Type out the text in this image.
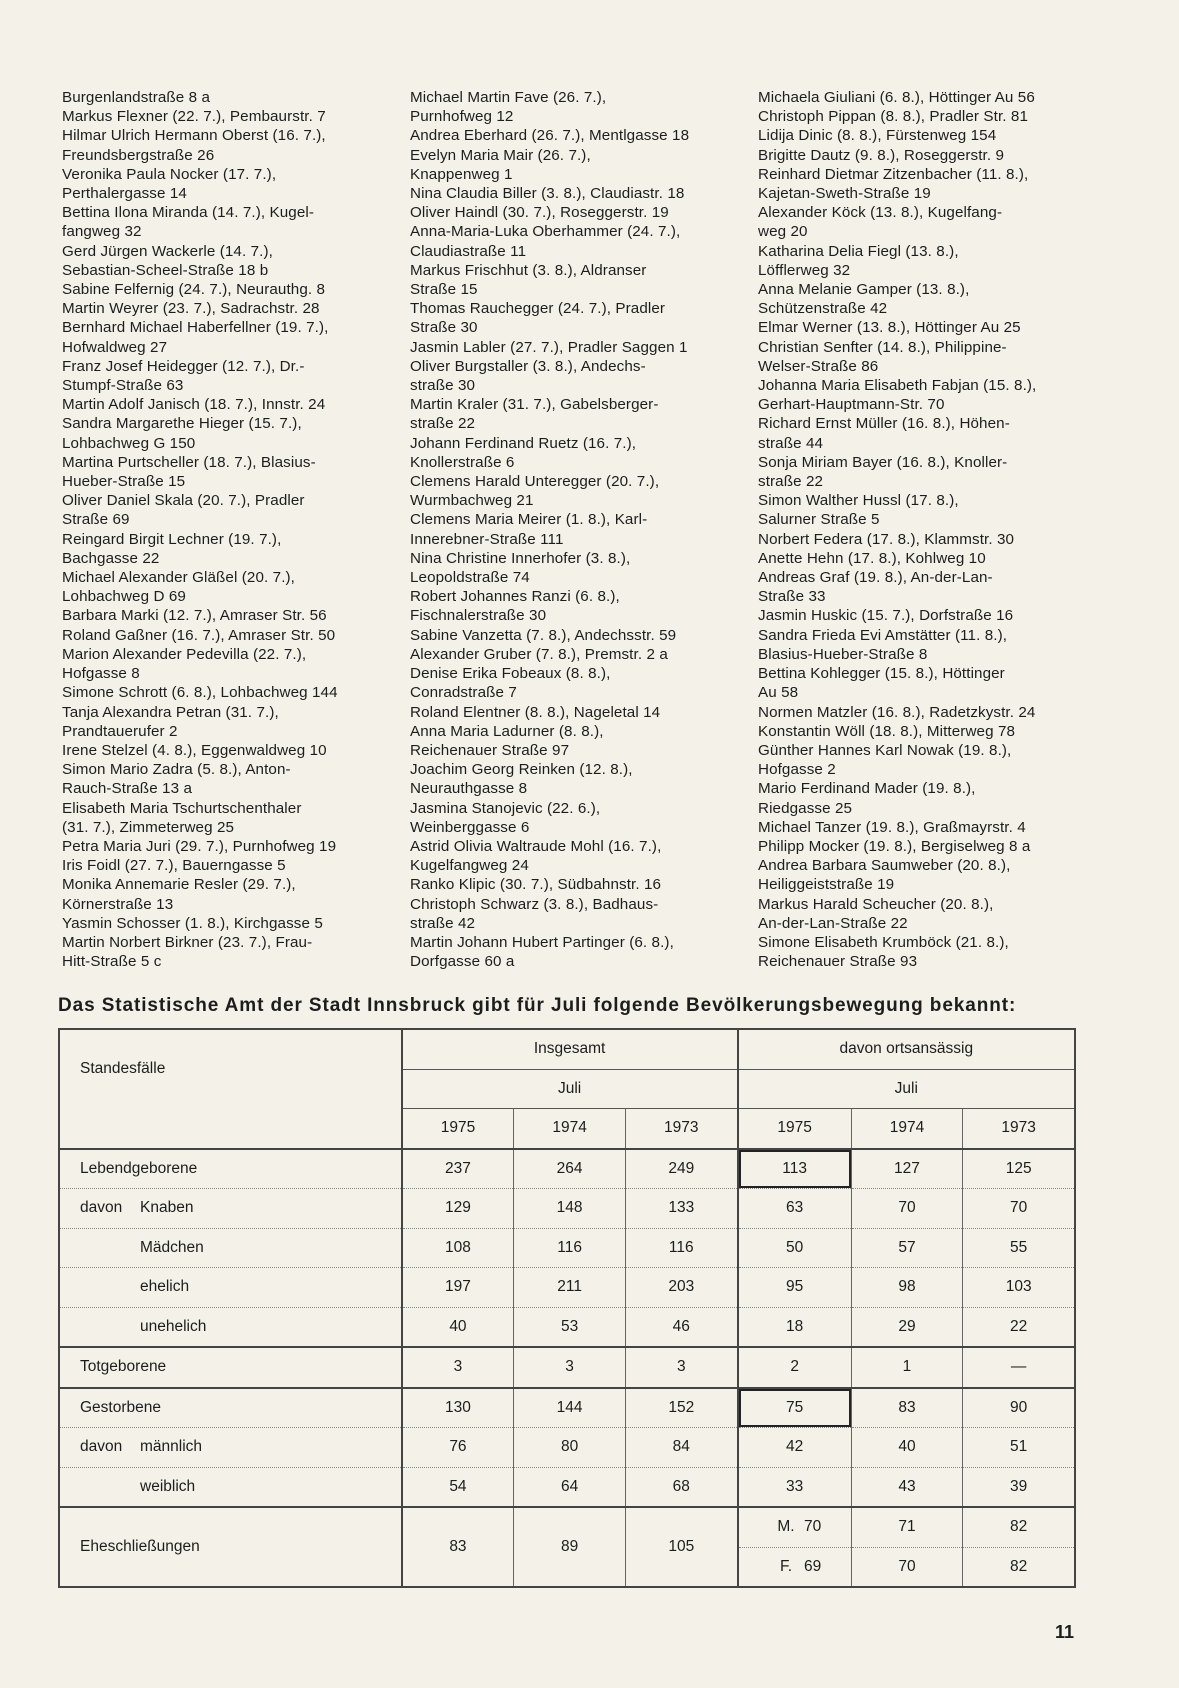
Burgenlandstraße 8 a
Markus Flexner (22. 7.), Pembaurstr. 7
Hilmar Ulrich Hermann Oberst (16. 7.),
Freundsbergstraße 26
Veronika Paula Nocker (17. 7.),
Perthalergasse 14
Bettina Ilona Miranda (14. 7.), Kugel-
fangweg 32
Gerd Jürgen Wackerle (14. 7.),
Sebastian-Scheel-Straße 18 b
Sabine Felfernig (24. 7.), Neurauthg. 8
Martin Weyrer (23. 7.), Sadrachstr. 28
Bernhard Michael Haberfellner (19. 7.),
Hofwaldweg 27
Franz Josef Heidegger (12. 7.), Dr.-
Stumpf-Straße 63
Martin Adolf Janisch (18. 7.), Innstr. 24
Sandra Margarethe Hieger (15. 7.),
Lohbachweg G 150
Martina Purtscheller (18. 7.), Blasius-
Hueber-Straße 15
Oliver Daniel Skala (20. 7.), Pradler
Straße 69
Reingard Birgit Lechner (19. 7.),
Bachgasse 22
Michael Alexander Gläßel (20. 7.),
Lohbachweg D 69
Barbara Marki (12. 7.), Amraser Str. 56
Roland Gaßner (16. 7.), Amraser Str. 50
Marion Alexander Pedevilla (22. 7.),
Hofgasse 8
Simone Schrott (6. 8.), Lohbachweg 144
Tanja Alexandra Petran (31. 7.),
Prandtauerufer 2
Irene Stelzel (4. 8.), Eggenwaldweg 10
Simon Mario Zadra (5. 8.), Anton-
Rauch-Straße 13 a
Elisabeth Maria Tschurtschenthaler
(31. 7.), Zimmeterweg 25
Petra Maria Juri (29. 7.), Purnhofweg 19
Iris Foidl (27. 7.), Bauerngasse 5
Monika Annemarie Resler (29. 7.),
Körnerstraße 13
Yasmin Schosser (1. 8.), Kirchgasse 5
Martin Norbert Birkner (23. 7.), Frau-
Hitt-Straße 5 c
Michael Martin Fave (26. 7.),
Purnhofweg 12
Andrea Eberhard (26. 7.), Mentlgasse 18
Evelyn Maria Mair (26. 7.),
Knappenweg 1
Nina Claudia Biller (3. 8.), Claudiastr. 18
Oliver Haindl (30. 7.), Roseggerstr. 19
Anna-Maria-Luka Oberhammer (24. 7.),
Claudiastraße 11
Markus Frischhut (3. 8.), Aldranser
Straße 15
Thomas Rauchegger (24. 7.), Pradler
Straße 30
Jasmin Labler (27. 7.), Pradler Saggen 1
Oliver Burgstaller (3. 8.), Andechs-
straße 30
Martin Kraler (31. 7.), Gabelsberger-
straße 22
Johann Ferdinand Ruetz (16. 7.),
Knollerstraße 6
Clemens Harald Unteregger (20. 7.),
Wurmbachweg 21
Clemens Maria Meirer (1. 8.), Karl-
Innerebner-Straße 111
Nina Christine Innerhofer (3. 8.),
Leopoldstraße 74
Robert Johannes Ranzi (6. 8.),
Fischnalerstraße 30
Sabine Vanzetta (7. 8.), Andechsstr. 59
Alexander Gruber (7. 8.), Premstr. 2 a
Denise Erika Fobeaux (8. 8.),
Conradstraße 7
Roland Elentner (8. 8.), Nageletal 14
Anna Maria Ladurner (8. 8.),
Reichenauer Straße 97
Joachim Georg Reinken (12. 8.),
Neurauthgasse 8
Jasmina Stanojevic (22. 6.),
Weinberggasse 6
Astrid Olivia Waltraude Mohl (16. 7.),
Kugelfangweg 24
Ranko Klipic (30. 7.), Südbahnstr. 16
Christoph Schwarz (3. 8.), Badhaus-
straße 42
Martin Johann Hubert Partinger (6. 8.),
Dorfgasse 60 a
Michaela Giuliani (6. 8.), Höttinger Au 56
Christoph Pippan (8. 8.), Pradler Str. 81
Lidija Dinic (8. 8.), Fürstenweg 154
Brigitte Dautz (9. 8.), Roseggerstr. 9
Reinhard Dietmar Zitzenbacher (11. 8.),
Kajetan-Sweth-Straße 19
Alexander Köck (13. 8.), Kugelfang-
weg 20
Katharina Delia Fiegl (13. 8.),
Löfflerweg 32
Anna Melanie Gamper (13. 8.),
Schützenstraße 42
Elmar Werner (13. 8.), Höttinger Au 25
Christian Senfter (14. 8.), Philippine-
Welser-Straße 86
Johanna Maria Elisabeth Fabjan (15. 8.),
Gerhart-Hauptmann-Str. 70
Richard Ernst Müller (16. 8.), Höhen-
straße 44
Sonja Miriam Bayer (16. 8.), Knoller-
straße 22
Simon Walther Hussl (17. 8.),
Salurner Straße 5
Norbert Federa (17. 8.), Klammstr. 30
Anette Hehn (17. 8.), Kohlweg 10
Andreas Graf (19. 8.), An-der-Lan-
Straße 33
Jasmin Huskic (15. 7.), Dorfstraße 16
Sandra Frieda Evi Amstätter (11. 8.),
Blasius-Hueber-Straße 8
Bettina Kohlegger (15. 8.), Höttinger
Au 58
Normen Matzler (16. 8.), Radetzkystr. 24
Konstantin Wöll (18. 8.), Mitterweg 78
Günther Hannes Karl Nowak (19. 8.),
Hofgasse 2
Mario Ferdinand Mader (19. 8.),
Riedgasse 25
Michael Tanzer (19. 8.), Graßmayrstr. 4
Philipp Mocker (19. 8.), Bergiselweg 8 a
Andrea Barbara Saumweber (20. 8.),
Heiliggeiststraße 19
Markus Harald Scheucher (20. 8.),
An-der-Lan-Straße 22
Simone Elisabeth Krumböck (21. 8.),
Reichenauer Straße 93
Das Statistische Amt der Stadt Innsbruck gibt für Juli folgende Bevölkerungsbewegung bekannt:
Standesfälle	Insgesamt			davon ortsansässig		
	Juli			Juli		
	1975	1974	1973	1975	1974	1973
Lebendgeborene	237	264	249	113	127	125
davon Knaben	129	148	133	63	70	70
Mädchen	108	116	116	50	57	55
ehelich	197	211	203	95	98	103
unehelich	40	53	46	18	29	22
Totgeborene	3	3	3	2	1	—
Gestorbene	130	144	152	75	83	90
davon männlich	76	80	84	42	40	51
weiblich	54	64	68	33	43	39
Eheschließungen	83	89	105	M. 70	71	82
				F. 69	70	82
11
